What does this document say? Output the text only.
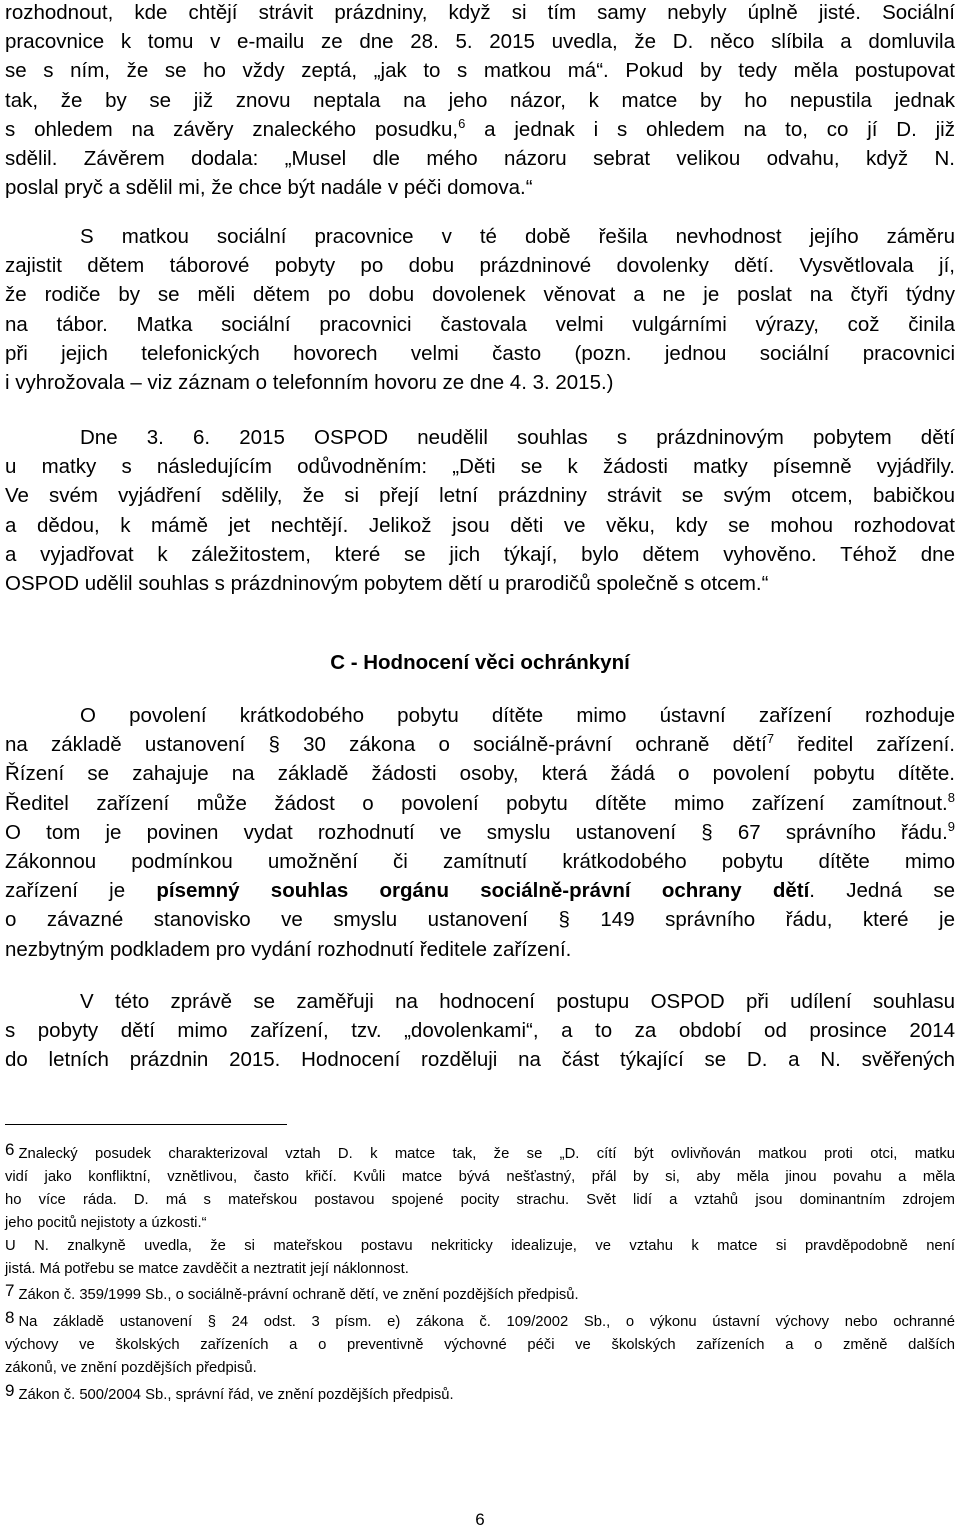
rozhodnout, kde chtějí strávit prázdniny, když si tím samy nebyly úplně jisté. Sociální
pracovnice k tomu v e-mailu ze dne 28. 5. 2015 uvedla, že D. něco slíbila a domluvila
se s ním, že se ho vždy zeptá, „jak to s matkou má“. Pokud by tedy měla postupovat
tak, že by se již znovu neptala na jeho názor, k matce by ho nepustila jednak
s ohledem na závěry znaleckého posudku,$^6$ a jednak i s ohledem na to, co jí D. již
sdělil. Závěrem dodala: „Musel dle mého názoru sebrat velikou odvahu, když N.
poslal pryč a sdělil mi, že chce být nadále v péči domova.“
S matkou sociální pracovnice v té době řešila nevhodnost jejího záměru
zajistit dětem táborové pobyty po dobu prázdninové dovolenky dětí. Vysvětlovala jí,
že rodiče by se měli dětem po dobu dovolenek věnovat a ne je poslat na čtyři týdny
na tábor. Matka sociální pracovnici častovala velmi vulgárními výrazy, což činila
při jejich telefonických hovorech velmi často (pozn. jednou sociální pracovnici
i vyhrožovala – viz záznam o telefonním hovoru ze dne 4. 3. 2015.)
Dne 3. 6. 2015 OSPOD neudělil souhlas s prázdninovým pobytem dětí
u matky s následujícím odůvodněním: „Děti se k žádosti matky písemně vyjádřily.
Ve svém vyjádření sdělily, že si přejí letní prázdniny strávit se svým otcem, babičkou
a dědou, k mámě jet nechtějí. Jelikož jsou děti ve věku, kdy se mohou rozhodovat
a vyjadřovat k záležitostem, které se jich týkají, bylo dětem vyhověno. Téhož dne
OSPOD udělil souhlas s prázdninovým pobytem dětí u prarodičů společně s otcem.“
C - Hodnocení věci ochránkyní
O povolení krátkodobého pobytu dítěte mimo ústavní zařízení rozhoduje
na základě ustanovení § 30 zákona o sociálně-právní ochraně dětí$^7$ ředitel zařízení.
Řízení se zahajuje na základě žádosti osoby, která žádá o povolení pobytu dítěte.
Ředitel zařízení může žádost o povolení pobytu dítěte mimo zařízení zamítnout.$^8$
O tom je povinen vydat rozhodnutí ve smyslu ustanovení § 67 správního řádu.$^9$
Zákonnou podmínkou umožnění či zamítnutí krátkodobého pobytu dítěte mimo
zařízení je písemný souhlas orgánu sociálně-právní ochrany dětí. Jedná se
o závazné stanovisko ve smyslu ustanovení § 149 správního řádu, které je
nezbytným podkladem pro vydání rozhodnutí ředitele zařízení.
V této zprávě se zaměřuji na hodnocení postupu OSPOD při udílení souhlasu
s pobyty dětí mimo zařízení, tzv. „dovolenkami“, a to za období od prosince 2014
do letních prázdnin 2015. Hodnocení rozděluji na část týkající se D. a N. svěřených
6 Znalecký posudek charakterizoval vztah D. k matce tak, že se „D. cítí být ovlivňován matkou proti otci, matku
vidí jako konfliktní, vznětlivou, často křičí. Kvůli matce bývá nešťastný, přál by si, aby měla jinou povahu a měla
ho více ráda. D. má s mateřskou postavou spojené pocity strachu. Svět lidí a vztahů jsou dominantním zdrojem
jeho pocitů nejistoty a úzkosti.“
U N. znalkyně uvedla, že si mateřskou postavu nekriticky idealizuje, ve vztahu k matce si pravděpodobně není
jistá. Má potřebu se matce zavděčit a neztratit její náklonnost.
7 Zákon č. 359/1999 Sb., o sociálně-právní ochraně dětí, ve znění pozdějších předpisů.
8 Na základě ustanovení § 24 odst. 3 písm. e) zákona č. 109/2002 Sb., o výkonu ústavní výchovy nebo ochranné
výchovy ve školských zařízeních a o preventivně výchovné péči ve školských zařízeních a o změně dalších
zákonů, ve znění pozdějších předpisů.
9 Zákon č. 500/2004 Sb., správní řád, ve znění pozdějších předpisů.

6
